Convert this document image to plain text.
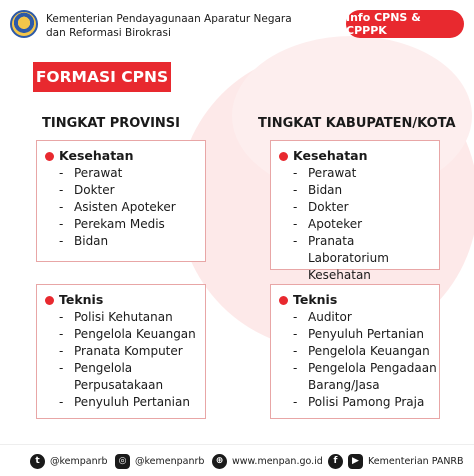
Kementerian Pendayagunaan Aparatur Negara
dan Reformasi Birokrasi
Info CPNS & CPPPK
FORMASI CPNS
TINGKAT PROVINSI	TINGKAT KABUPATEN/KOTA
Kesehatan
- Perawat
- Dokter
- Asisten Apoteker
- Perekam Medis
- Bidan
Kesehatan
- Perawat
- Bidan
- Dokter
- Apoteker
- Pranata Laboratorium
Kesehatan
Teknis
- Polisi Kehutanan
- Pengelola Keuangan
- Pranata Komputer
- Pengelola
Perpusatakaan
- Penyuluh Pertanian
Teknis
- Auditor
- Penyuluh Pertanian
- Pengelola Keuangan
- Pengelola Pengadaan
Barang/Jasa
- Polisi Pamong Praja
t	@kempanrb	◎ @kemenpanrb	⊕ www.menpan.go.id	f	▶ Kementerian PANRB
